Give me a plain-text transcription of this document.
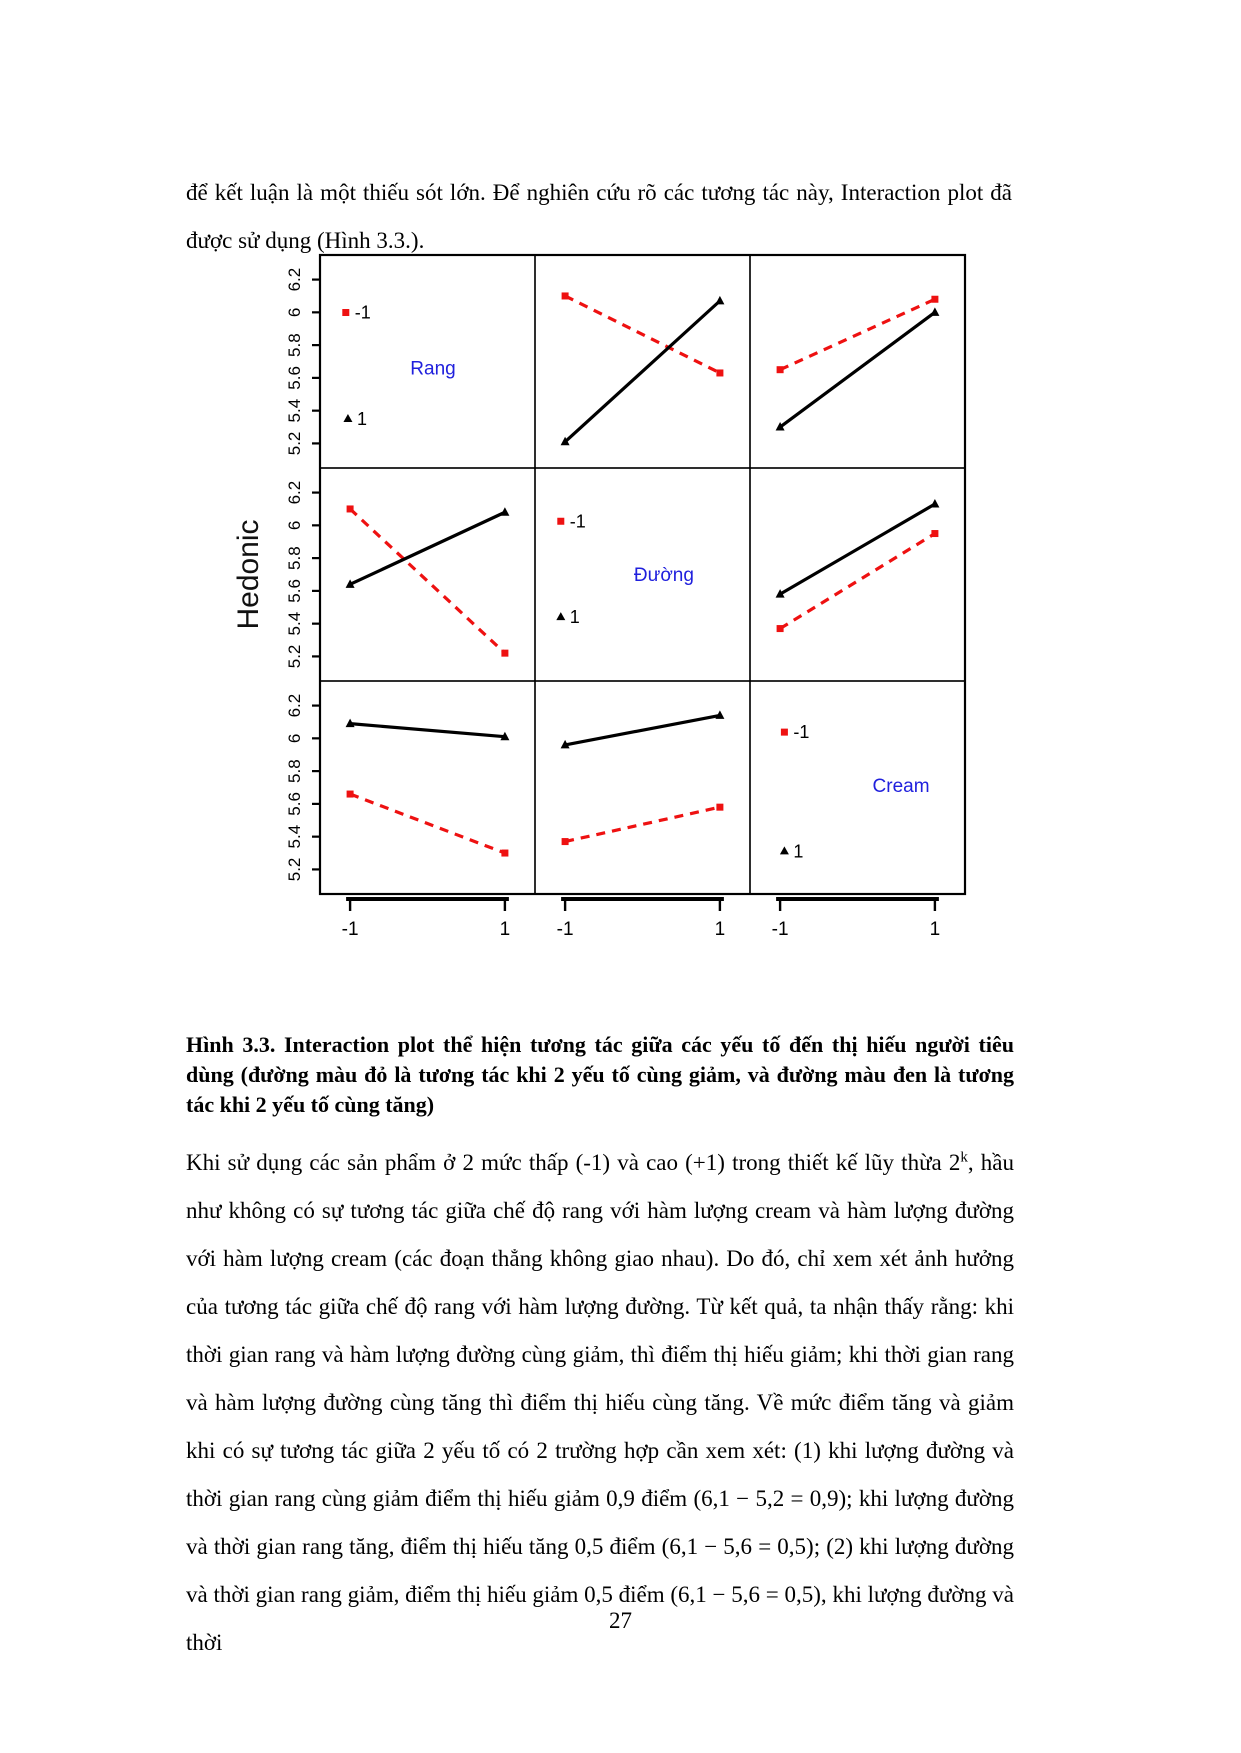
để kết luận là một thiếu sót lớn. Để nghiên cứu rõ các tương tác này, Interaction plot đã được sử dụng (Hình 3.3.).

-1
Rang
1
-1
Đường
1
-1
Cream
1
6.2
6
5.8
5.6
5.4
5.2
6.2
6
5.8
5.6
5.4
5.2
6.2
6
5.8
5.6
5.4
5.2
-1	1 -1	1 -1	1
Hedonic

Hình 3.3. Interaction plot thể hiện tương tác giữa các yếu tố đến thị hiếu người tiêu dùng (đường màu đỏ là tương tác khi 2 yếu tố cùng giảm, và đường màu đen là tương tác khi 2 yếu tố cùng tăng)

Khi sử dụng các sản phẩm ở 2 mức thấp (-1) và cao (+1) trong thiết kế lũy thừa 2$^k$, hầu như không có sự tương tác giữa chế độ rang với hàm lượng cream và hàm lượng đường với hàm lượng cream (các đoạn thẳng không giao nhau). Do đó, chỉ xem xét ảnh hưởng của tương tác giữa chế độ rang với hàm lượng đường. Từ kết quả, ta nhận thấy rằng: khi thời gian rang và hàm lượng đường cùng giảm, thì điểm thị hiếu giảm; khi thời gian rang và hàm lượng đường cùng tăng thì điểm thị hiếu cùng tăng. Về mức điểm tăng và giảm khi có sự tương tác giữa 2 yếu tố có 2 trường hợp cần xem xét: (1) khi lượng đường và thời gian rang cùng giảm điểm thị hiếu giảm 0,9 điểm (6,1 − 5,2 = 0,9); khi lượng đường và thời gian rang tăng, điểm thị hiếu tăng 0,5 điểm (6,1 − 5,6 = 0,5); (2) khi lượng đường và thời gian rang giảm, điểm thị hiếu giảm 0,5 điểm (6,1 − 5,6 = 0,5), khi lượng đường và thời

27
